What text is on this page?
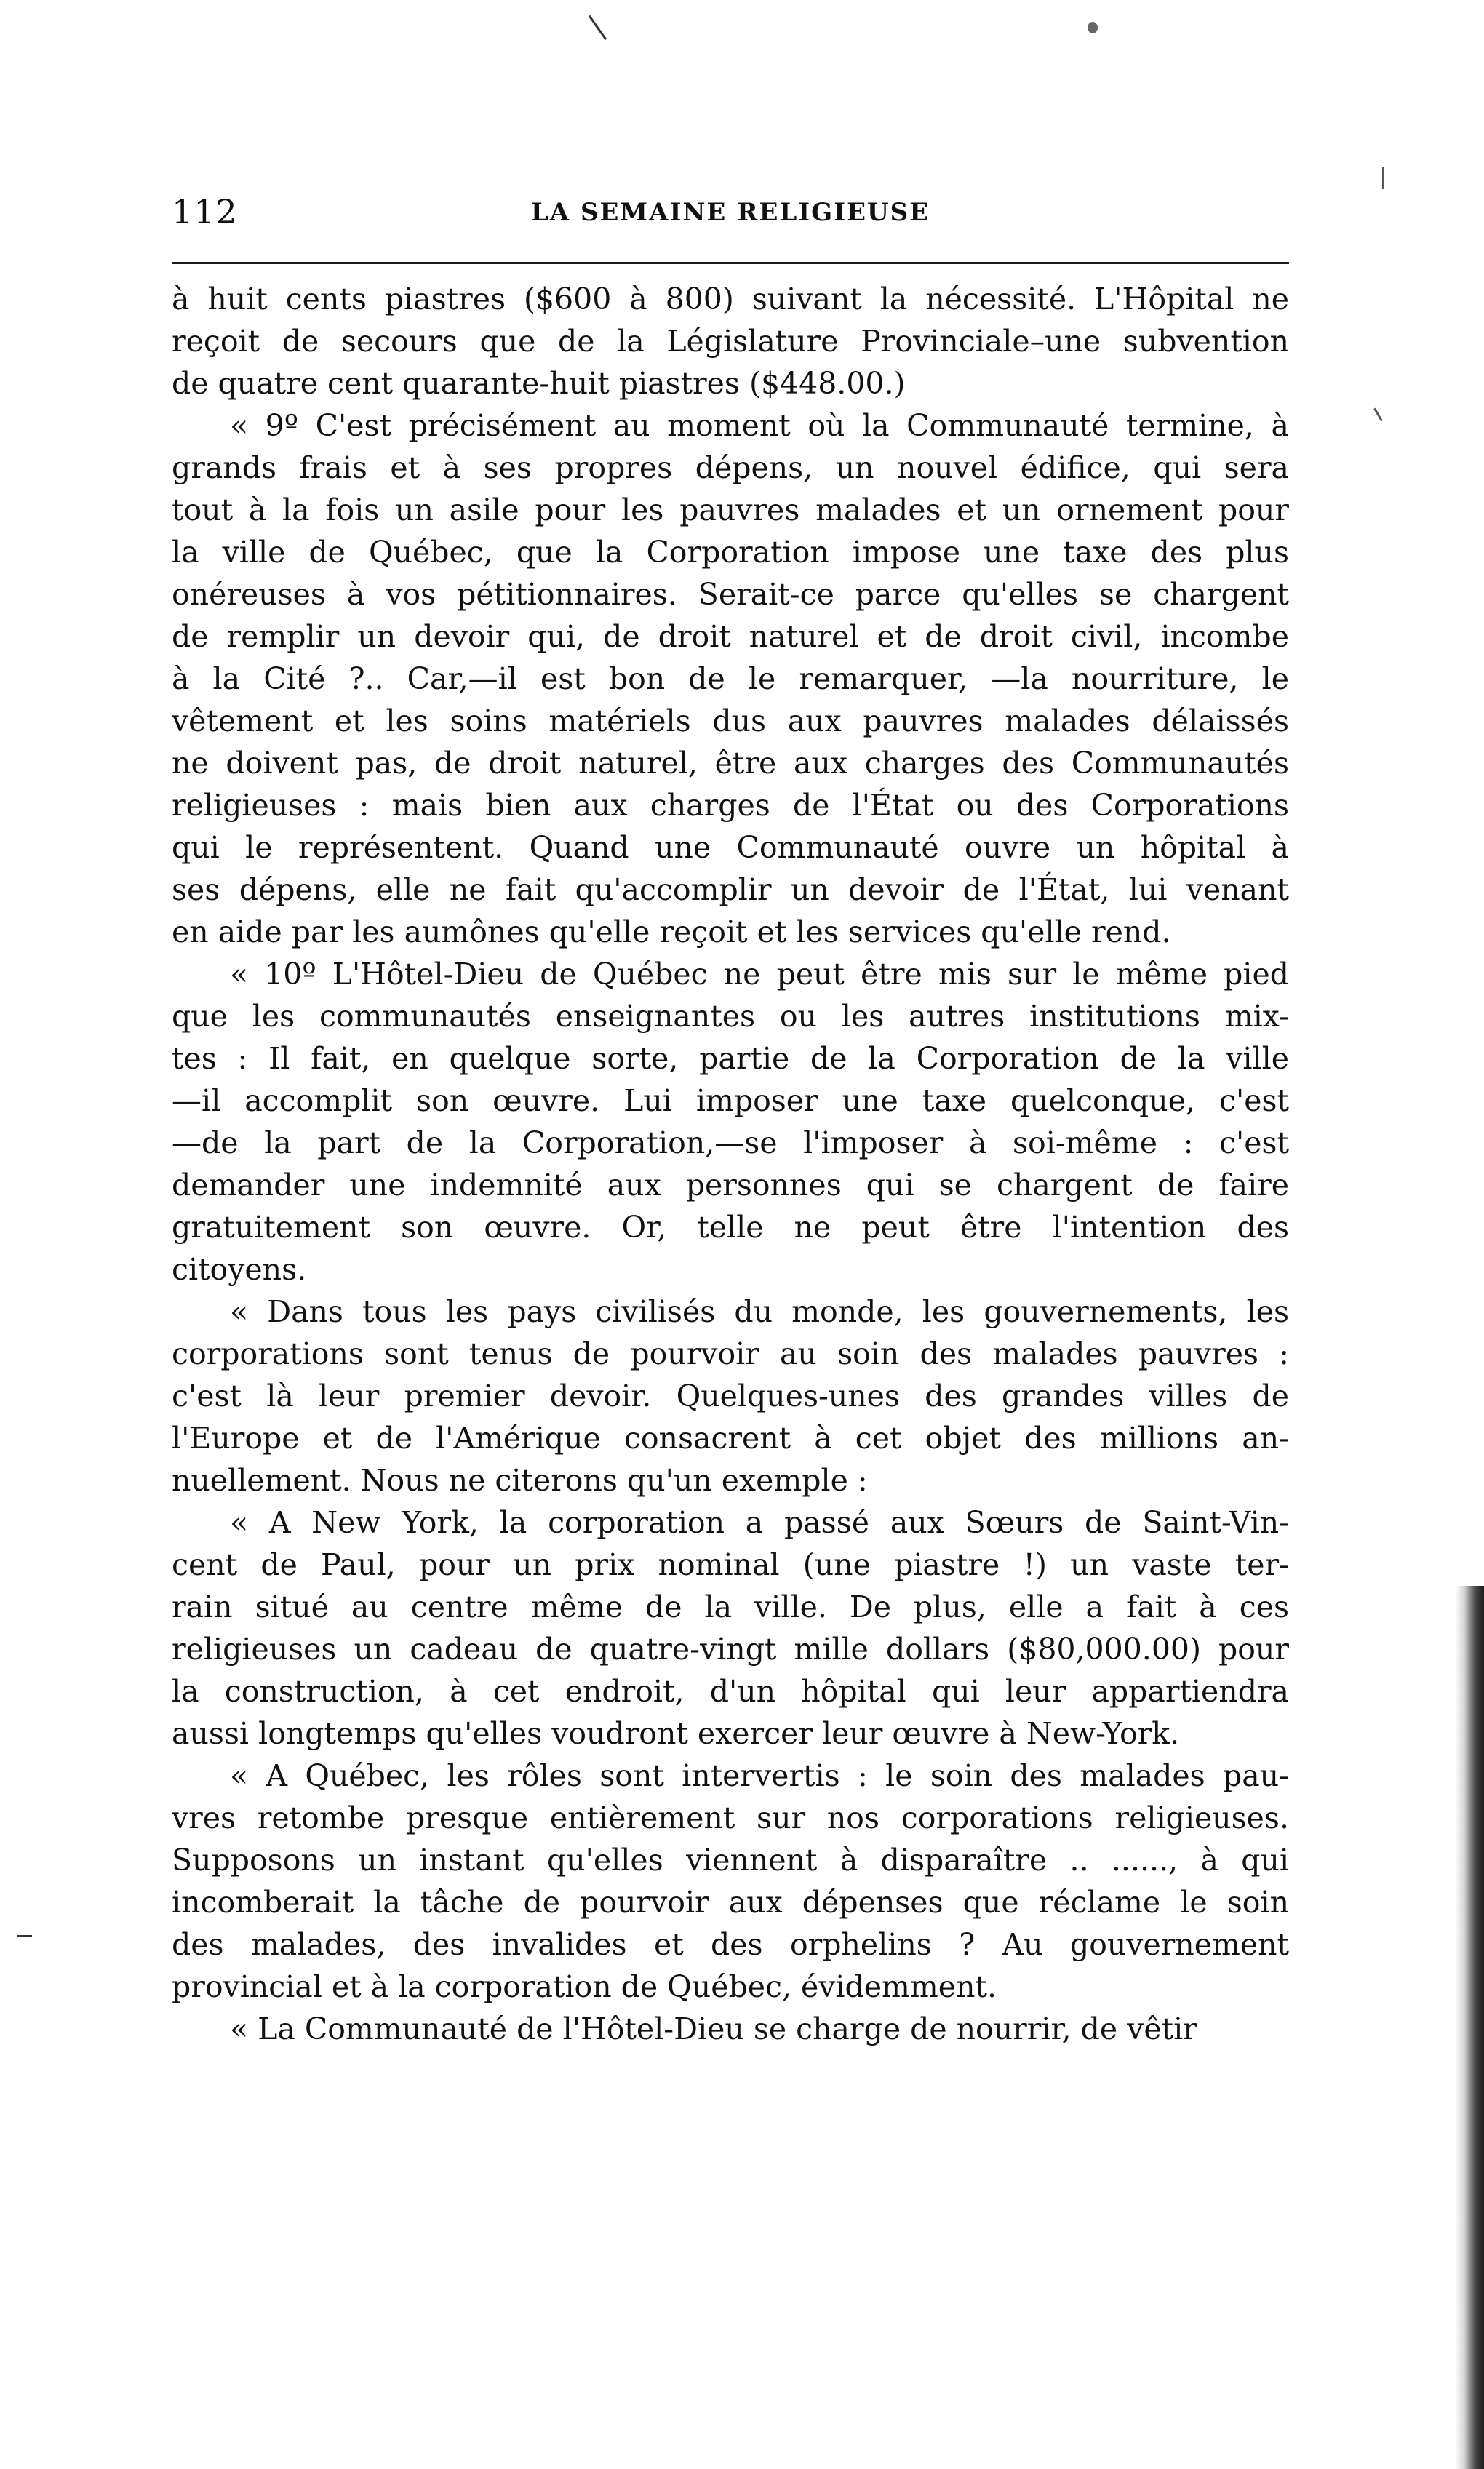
112	LA SEMAINE RELIGIEUSE
à huit cents piastres ($600 à 800) suivant la nécessité. L'Hôpital ne
reçoit de secours que de la Législature Provinciale–une subvention
de quatre cent quarante-huit piastres ($448.00.)
« 9º C'est précisément au moment où la Communauté termine, à
grands frais et à ses propres dépens, un nouvel édifice, qui sera
tout à la fois un asile pour les pauvres malades et un ornement pour
la ville de Québec, que la Corporation impose une taxe des plus
onéreuses à vos pétitionnaires. Serait-ce parce qu'elles se chargent
de remplir un devoir qui, de droit naturel et de droit civil, incombe
à la Cité ?.. Car,—il est bon de le remarquer, —la nourriture, le
vêtement et les soins matériels dus aux pauvres malades délaissés
ne doivent pas, de droit naturel, être aux charges des Communautés
religieuses : mais bien aux charges de l'État ou des Corporations
qui le représentent. Quand une Communauté ouvre un hôpital à
ses dépens, elle ne fait qu'accomplir un devoir de l'État, lui venant
en aide par les aumônes qu'elle reçoit et les services qu'elle rend.
« 10º L'Hôtel-Dieu de Québec ne peut être mis sur le même pied
que les communautés enseignantes ou les autres institutions mix-
tes : Il fait, en quelque sorte, partie de la Corporation de la ville
—il accomplit son œuvre. Lui imposer une taxe quelconque, c'est
—de la part de la Corporation,—se l'imposer à soi-même : c'est
demander une indemnité aux personnes qui se chargent de faire
gratuitement son œuvre. Or, telle ne peut être l'intention des
citoyens.
« Dans tous les pays civilisés du monde, les gouvernements, les
corporations sont tenus de pourvoir au soin des malades pauvres :
c'est là leur premier devoir. Quelques-unes des grandes villes de
l'Europe et de l'Amérique consacrent à cet objet des millions an-
nuellement. Nous ne citerons qu'un exemple :
« A New York, la corporation a passé aux Sœurs de Saint-Vin-
cent de Paul, pour un prix nominal (une piastre !) un vaste ter-
rain situé au centre même de la ville. De plus, elle a fait à ces
religieuses un cadeau de quatre-vingt mille dollars ($80,000.00) pour
la construction, à cet endroit, d'un hôpital qui leur appartiendra
aussi longtemps qu'elles voudront exercer leur œuvre à New-York.
« A Québec, les rôles sont intervertis : le soin des malades pau-
vres retombe presque entièrement sur nos corporations religieuses.
Supposons un instant qu'elles viennent à disparaître .. ......, à qui
incomberait la tâche de pourvoir aux dépenses que réclame le soin
des malades, des invalides et des orphelins ? Au gouvernement
provincial et à la corporation de Québec, évidemment.
« La Communauté de l'Hôtel-Dieu se charge de nourrir, de vêtir
